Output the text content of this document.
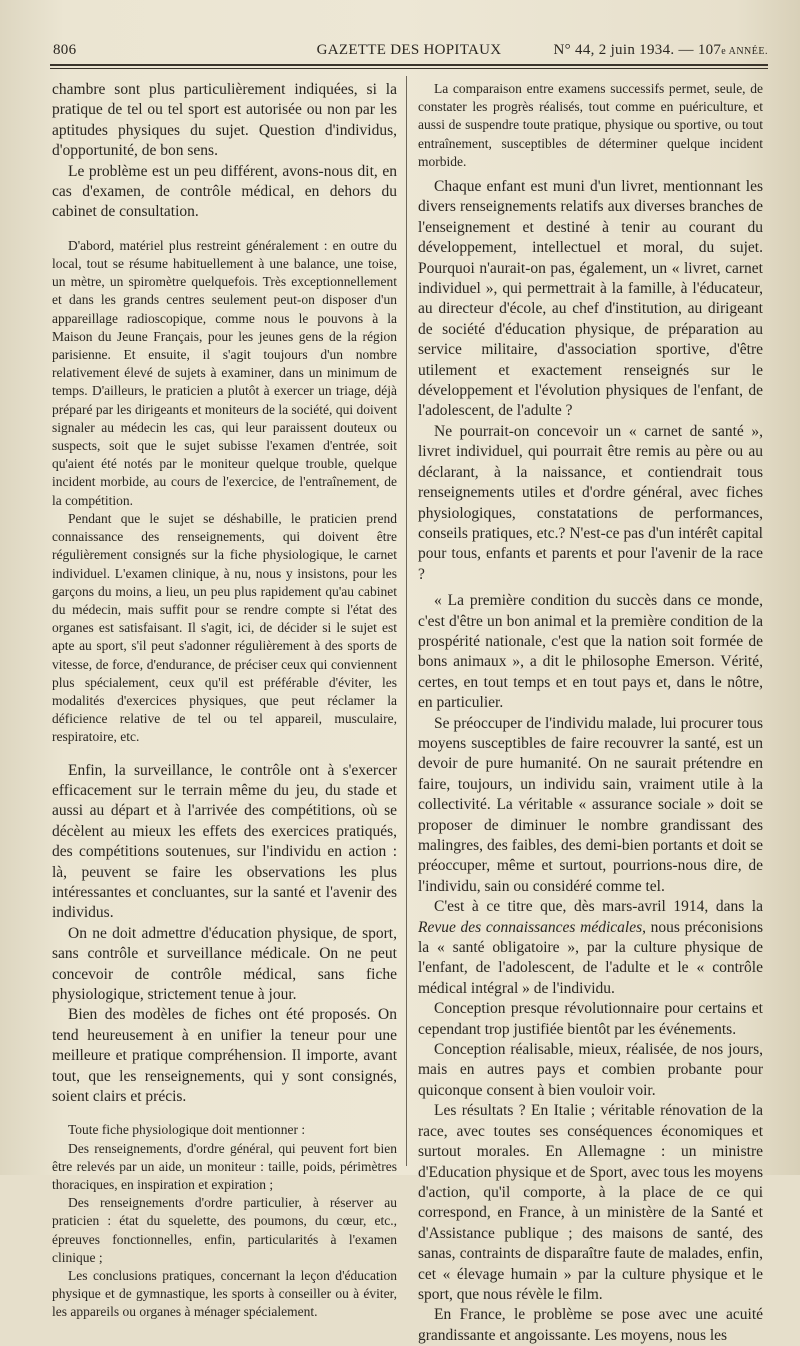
806	GAZETTE DES HOPITAUX	N° 44, 2 juin 1934. — 107e ANNÉE.

chambre sont plus particulièrement indiquées, si la pratique de tel ou tel sport est autorisée ou non par les aptitudes physiques du sujet. Question d'individus, d'opportunité, de bon sens.

Le problème est un peu différent, avons-nous dit, en cas d'examen, de contrôle médical, en dehors du cabinet de consultation.

D'abord, matériel plus restreint généralement : en outre du local, tout se résume habituellement à une balance, une toise, un mètre, un spiromètre quelquefois. Très exceptionnellement et dans les grands centres seulement peut-on disposer d'un appareillage radioscopique, comme nous le pouvons à la Maison du Jeune Français, pour les jeunes gens de la région parisienne. Et ensuite, il s'agit toujours d'un nombre relativement élevé de sujets à examiner, dans un minimum de temps. D'ailleurs, le praticien a plutôt à exercer un triage, déjà préparé par les dirigeants et moniteurs de la société, qui doivent signaler au médecin les cas, qui leur paraissent douteux ou suspects, soit que le sujet subisse l'examen d'entrée, soit qu'aient été notés par le moniteur quelque trouble, quelque incident morbide, au cours de l'exercice, de l'entraînement, de la compétition.

Pendant que le sujet se déshabille, le praticien prend connaissance des renseignements, qui doivent être régulièrement consignés sur la fiche physiologique, le carnet individuel. L'examen clinique, à nu, nous y insistons, pour les garçons du moins, a lieu, un peu plus rapidement qu'au cabinet du médecin, mais suffit pour se rendre compte si l'état des organes est satisfaisant. Il s'agit, ici, de décider si le sujet est apte au sport, s'il peut s'adonner régulièrement à des sports de vitesse, de force, d'endurance, de préciser ceux qui conviennent plus spécialement, ceux qu'il est préférable d'éviter, les modalités d'exercices physiques, que peut réclamer la déficience relative de tel ou tel appareil, musculaire, respiratoire, etc.

Enfin, la surveillance, le contrôle ont à s'exercer efficacement sur le terrain même du jeu, du stade et aussi au départ et à l'arrivée des compétitions, où se décèlent au mieux les effets des exercices pratiqués, des compétitions soutenues, sur l'individu en action : là, peuvent se faire les observations les plus intéressantes et concluantes, sur la santé et l'avenir des individus.

On ne doit admettre d'éducation physique, de sport, sans contrôle et surveillance médicale. On ne peut concevoir de contrôle médical, sans fiche physiologique, strictement tenue à jour.

Bien des modèles de fiches ont été proposés. On tend heureusement à en unifier la teneur pour une meilleure et pratique compréhension. Il importe, avant tout, que les renseignements, qui y sont consignés, soient clairs et précis.

Toute fiche physiologique doit mentionner :

Des renseignements, d'ordre général, qui peuvent fort bien être relevés par un aide, un moniteur : taille, poids, périmètres thoraciques, en inspiration et expiration ;

Des renseignements d'ordre particulier, à réserver au praticien : état du squelette, des poumons, du cœur, etc., épreuves fonctionnelles, enfin, particularités à l'examen clinique ;

Les conclusions pratiques, concernant la leçon d'éducation physique et de gymnastique, les sports à conseiller ou à éviter, les appareils ou organes à ménager spécialement.

La comparaison entre examens successifs permet, seule, de constater les progrès réalisés, tout comme en puériculture, et aussi de suspendre toute pratique, physique ou sportive, ou tout entraînement, susceptibles de déterminer quelque incident morbide.

Chaque enfant est muni d'un livret, mentionnant les divers renseignements relatifs aux diverses branches de l'enseignement et destiné à tenir au courant du développement, intellectuel et moral, du sujet. Pourquoi n'aurait-on pas, également, un « livret, carnet individuel », qui permettrait à la famille, à l'éducateur, au directeur d'école, au chef d'institution, au dirigeant de société d'éducation physique, de préparation au service militaire, d'association sportive, d'être utilement et exactement renseignés sur le développement et l'évolution physiques de l'enfant, de l'adolescent, de l'adulte ?

Ne pourrait-on concevoir un « carnet de santé », livret individuel, qui pourrait être remis au père ou au déclarant, à la naissance, et contiendrait tous renseignements utiles et d'ordre général, avec fiches physiologiques, constatations de performances, conseils pratiques, etc.? N'est-ce pas d'un intérêt capital pour tous, enfants et parents et pour l'avenir de la race ?

« La première condition du succès dans ce monde, c'est d'être un bon animal et la première condition de la prospérité nationale, c'est que la nation soit formée de bons animaux », a dit le philosophe Emerson. Vérité, certes, en tout temps et en tout pays et, dans le nôtre, en particulier.

Se préoccuper de l'individu malade, lui procurer tous moyens susceptibles de faire recouvrer la santé, est un devoir de pure humanité. On ne saurait prétendre en faire, toujours, un individu sain, vraiment utile à la collectivité. La véritable « assurance sociale » doit se proposer de diminuer le nombre grandissant des malingres, des faibles, des demi-bien portants et doit se préoccuper, même et surtout, pourrions-nous dire, de l'individu, sain ou considéré comme tel.

C'est à ce titre que, dès mars-avril 1914, dans la Revue des connaissances médicales, nous préconisions la « santé obligatoire », par la culture physique de l'enfant, de l'adolescent, de l'adulte et le « contrôle médical intégral » de l'individu.

Conception presque révolutionnaire pour certains et cependant trop justifiée bientôt par les événements.

Conception réalisable, mieux, réalisée, de nos jours, mais en autres pays et combien probante pour quiconque consent à bien vouloir voir.

Les résultats ? En Italie ; véritable rénovation de la race, avec toutes ses conséquences économiques et surtout morales. En Allemagne : un ministre d'Education physique et de Sport, avec tous les moyens d'action, qu'il comporte, à la place de ce qui correspond, en France, à un ministère de la Santé et d'Assistance publique ; des maisons de santé, des sanas, contraints de disparaître faute de malades, enfin, cet « élevage humain » par la culture physique et le sport, que nous révèle le film.

En France, le problème se pose avec une acuité grandissante et angoissante. Les moyens, nous les
